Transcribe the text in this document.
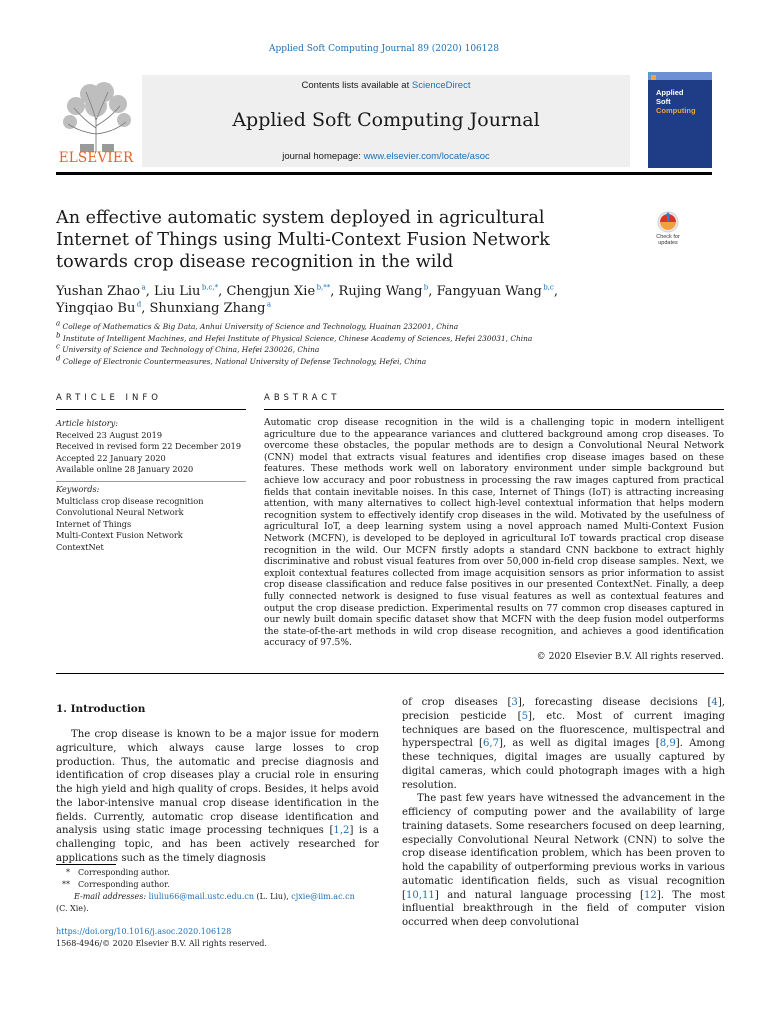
Applied Soft Computing Journal 89 (2020) 106128
ELSEVIER
Contents lists available at ScienceDirect
Applied Soft Computing Journal
journal homepage: www.elsevier.com/locate/asoc
Applied
Soft
Computing
An effective automatic system deployed in agricultural Internet of Things using Multi-Context Fusion Network towards crop disease recognition in the wild
Check for
updates
Yushan Zhao $^a$, Liu Liu $^{b,c,*}$, Chengjun Xie $^{b,**}$, Rujing Wang $^b$, Fangyuan Wang $^{b,c}$,
Yingqiao Bu $^d$, Shunxiang Zhang $^a$
a College of Mathematics & Big Data, Anhui University of Science and Technology, Huainan 232001, China
b Institute of Intelligent Machines, and Hefei Institute of Physical Science, Chinese Academy of Sciences, Hefei 230031, China
c University of Science and Technology of China, Hefei 230026, China
d College of Electronic Countermeasures, National University of Defense Technology, Hefei, China
ARTICLE INFO	ABSTRACT
Article history:
Received 23 August 2019
Received in revised form 22 December 2019
Accepted 22 January 2020
Available online 28 January 2020
Keywords:
Multiclass crop disease recognition
Convolutional Neural Network
Internet of Things
Multi-Context Fusion Network
ContextNet
Automatic crop disease recognition in the wild is a challenging topic in modern intelligent agriculture due to the appearance variances and cluttered background among crop diseases. To overcome these obstacles, the popular methods are to design a Convolutional Neural Network (CNN) model that extracts visual features and identifies crop disease images based on these features. These methods work well on laboratory environment under simple background but achieve low accuracy and poor robustness in processing the raw images captured from practical fields that contain inevitable noises. In this case, Internet of Things (IoT) is attracting increasing attention, with many alternatives to collect high-level contextual information that helps modern recognition system to effectively identify crop diseases in the wild. Motivated by the usefulness of agricultural IoT, a deep learning system using a novel approach named Multi-Context Fusion Network (MCFN), is developed to be deployed in agricultural IoT towards practical crop disease recognition in the wild. Our MCFN firstly adopts a standard CNN backbone to extract highly discriminative and robust visual features from over 50,000 in-field crop disease samples. Next, we exploit contextual features collected from image acquisition sensors as prior information to assist crop disease classification and reduce false positives in our presented ContextNet. Finally, a deep fully connected network is designed to fuse visual features as well as contextual features and output the crop disease prediction. Experimental results on 77 common crop diseases captured in our newly built domain specific dataset show that MCFN with the deep fusion model outperforms the state-of-the-art methods in wild crop disease recognition, and achieves a good identification accuracy of 97.5%.
© 2020 Elsevier B.V. All rights reserved.
1. Introduction

The crop disease is known to be a major issue for modern agriculture, which always cause large losses to crop production. Thus, the automatic and precise diagnosis and identification of crop diseases play a crucial role in ensuring the high yield and high quality of crops. Besides, it helps avoid the labor-intensive manual crop disease identification in the fields. Currently, automatic crop disease identification and analysis using static image processing techniques [1,2] is a challenging topic, and has been actively researched for applications such as the timely diagnosis

of crop diseases [3], forecasting disease decisions [4], precision pesticide [5], etc. Most of current imaging techniques are based on the fluorescence, multispectral and hyperspectral [6,7], as well as digital images [8,9]. Among these techniques, digital images are usually captured by digital cameras, which could photograph images with a high resolution.

The past few years have witnessed the advancement in the efficiency of computing power and the availability of large training datasets. Some researchers focused on deep learning, especially Convolutional Neural Network (CNN) to solve the crop disease identification problem, which has been proven to hold the capability of outperforming previous works in various automatic identification fields, such as visual recognition [10,11] and natural language processing [12]. The most influential breakthrough in the field of computer vision occurred when deep convolutional

* Corresponding author.
** Corresponding author.
E-mail addresses: liuliu66@mail.ustc.edu.cn (L. Liu), cjxie@iim.ac.cn
(C. Xie).
https://doi.org/10.1016/j.asoc.2020.106128
1568-4946/© 2020 Elsevier B.V. All rights reserved.
